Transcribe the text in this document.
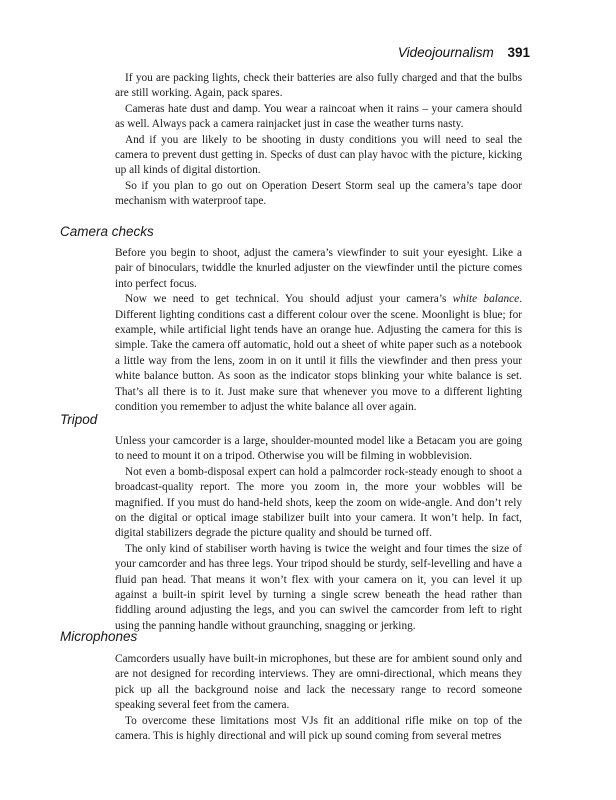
Videojournalism 391

If you are packing lights, check their batteries are also fully charged and that the bulbs are still working. Again, pack spares.

Cameras hate dust and damp. You wear a raincoat when it rains – your camera should as well. Always pack a camera rainjacket just in case the weather turns nasty.

And if you are likely to be shooting in dusty conditions you will need to seal the camera to prevent dust getting in. Specks of dust can play havoc with the picture, kicking up all kinds of digital distortion.

So if you plan to go out on Operation Desert Storm seal up the camera’s tape door mechanism with waterproof tape.

Camera checks

Before you begin to shoot, adjust the camera’s viewfinder to suit your eyesight. Like a pair of binoculars, twiddle the knurled adjuster on the viewfinder until the picture comes into perfect focus.

Now we need to get technical. You should adjust your camera’s white balance. Different lighting conditions cast a different colour over the scene. Moonlight is blue; for example, while artificial light tends have an orange hue. Adjusting the camera for this is simple. Take the camera off automatic, hold out a sheet of white paper such as a notebook a little way from the lens, zoom in on it until it fills the viewfinder and then press your white balance button. As soon as the indicator stops blinking your white balance is set. That’s all there is to it. Just make sure that whenever you move to a different lighting condition you remember to adjust the white balance all over again.

Tripod

Unless your camcorder is a large, shoulder-mounted model like a Betacam you are going to need to mount it on a tripod. Otherwise you will be filming in wobblevision.

Not even a bomb-disposal expert can hold a palmcorder rock-steady enough to shoot a broadcast-quality report. The more you zoom in, the more your wobbles will be magnified. If you must do hand-held shots, keep the zoom on wide-angle. And don’t rely on the digital or optical image stabilizer built into your camera. It won’t help. In fact, digital stabilizers degrade the picture quality and should be turned off.

The only kind of stabiliser worth having is twice the weight and four times the size of your camcorder and has three legs. Your tripod should be sturdy, self-levelling and have a fluid pan head. That means it won’t flex with your camera on it, you can level it up against a built-in spirit level by turning a single screw beneath the head rather than fiddling around adjusting the legs, and you can swivel the camcorder from left to right using the panning handle without graunching, snagging or jerking.

Microphones

Camcorders usually have built-in microphones, but these are for ambient sound only and are not designed for recording interviews. They are omni-directional, which means they pick up all the background noise and lack the necessary range to record someone speaking several feet from the camera.

To overcome these limitations most VJs fit an additional rifle mike on top of the camera. This is highly directional and will pick up sound coming from several metres
